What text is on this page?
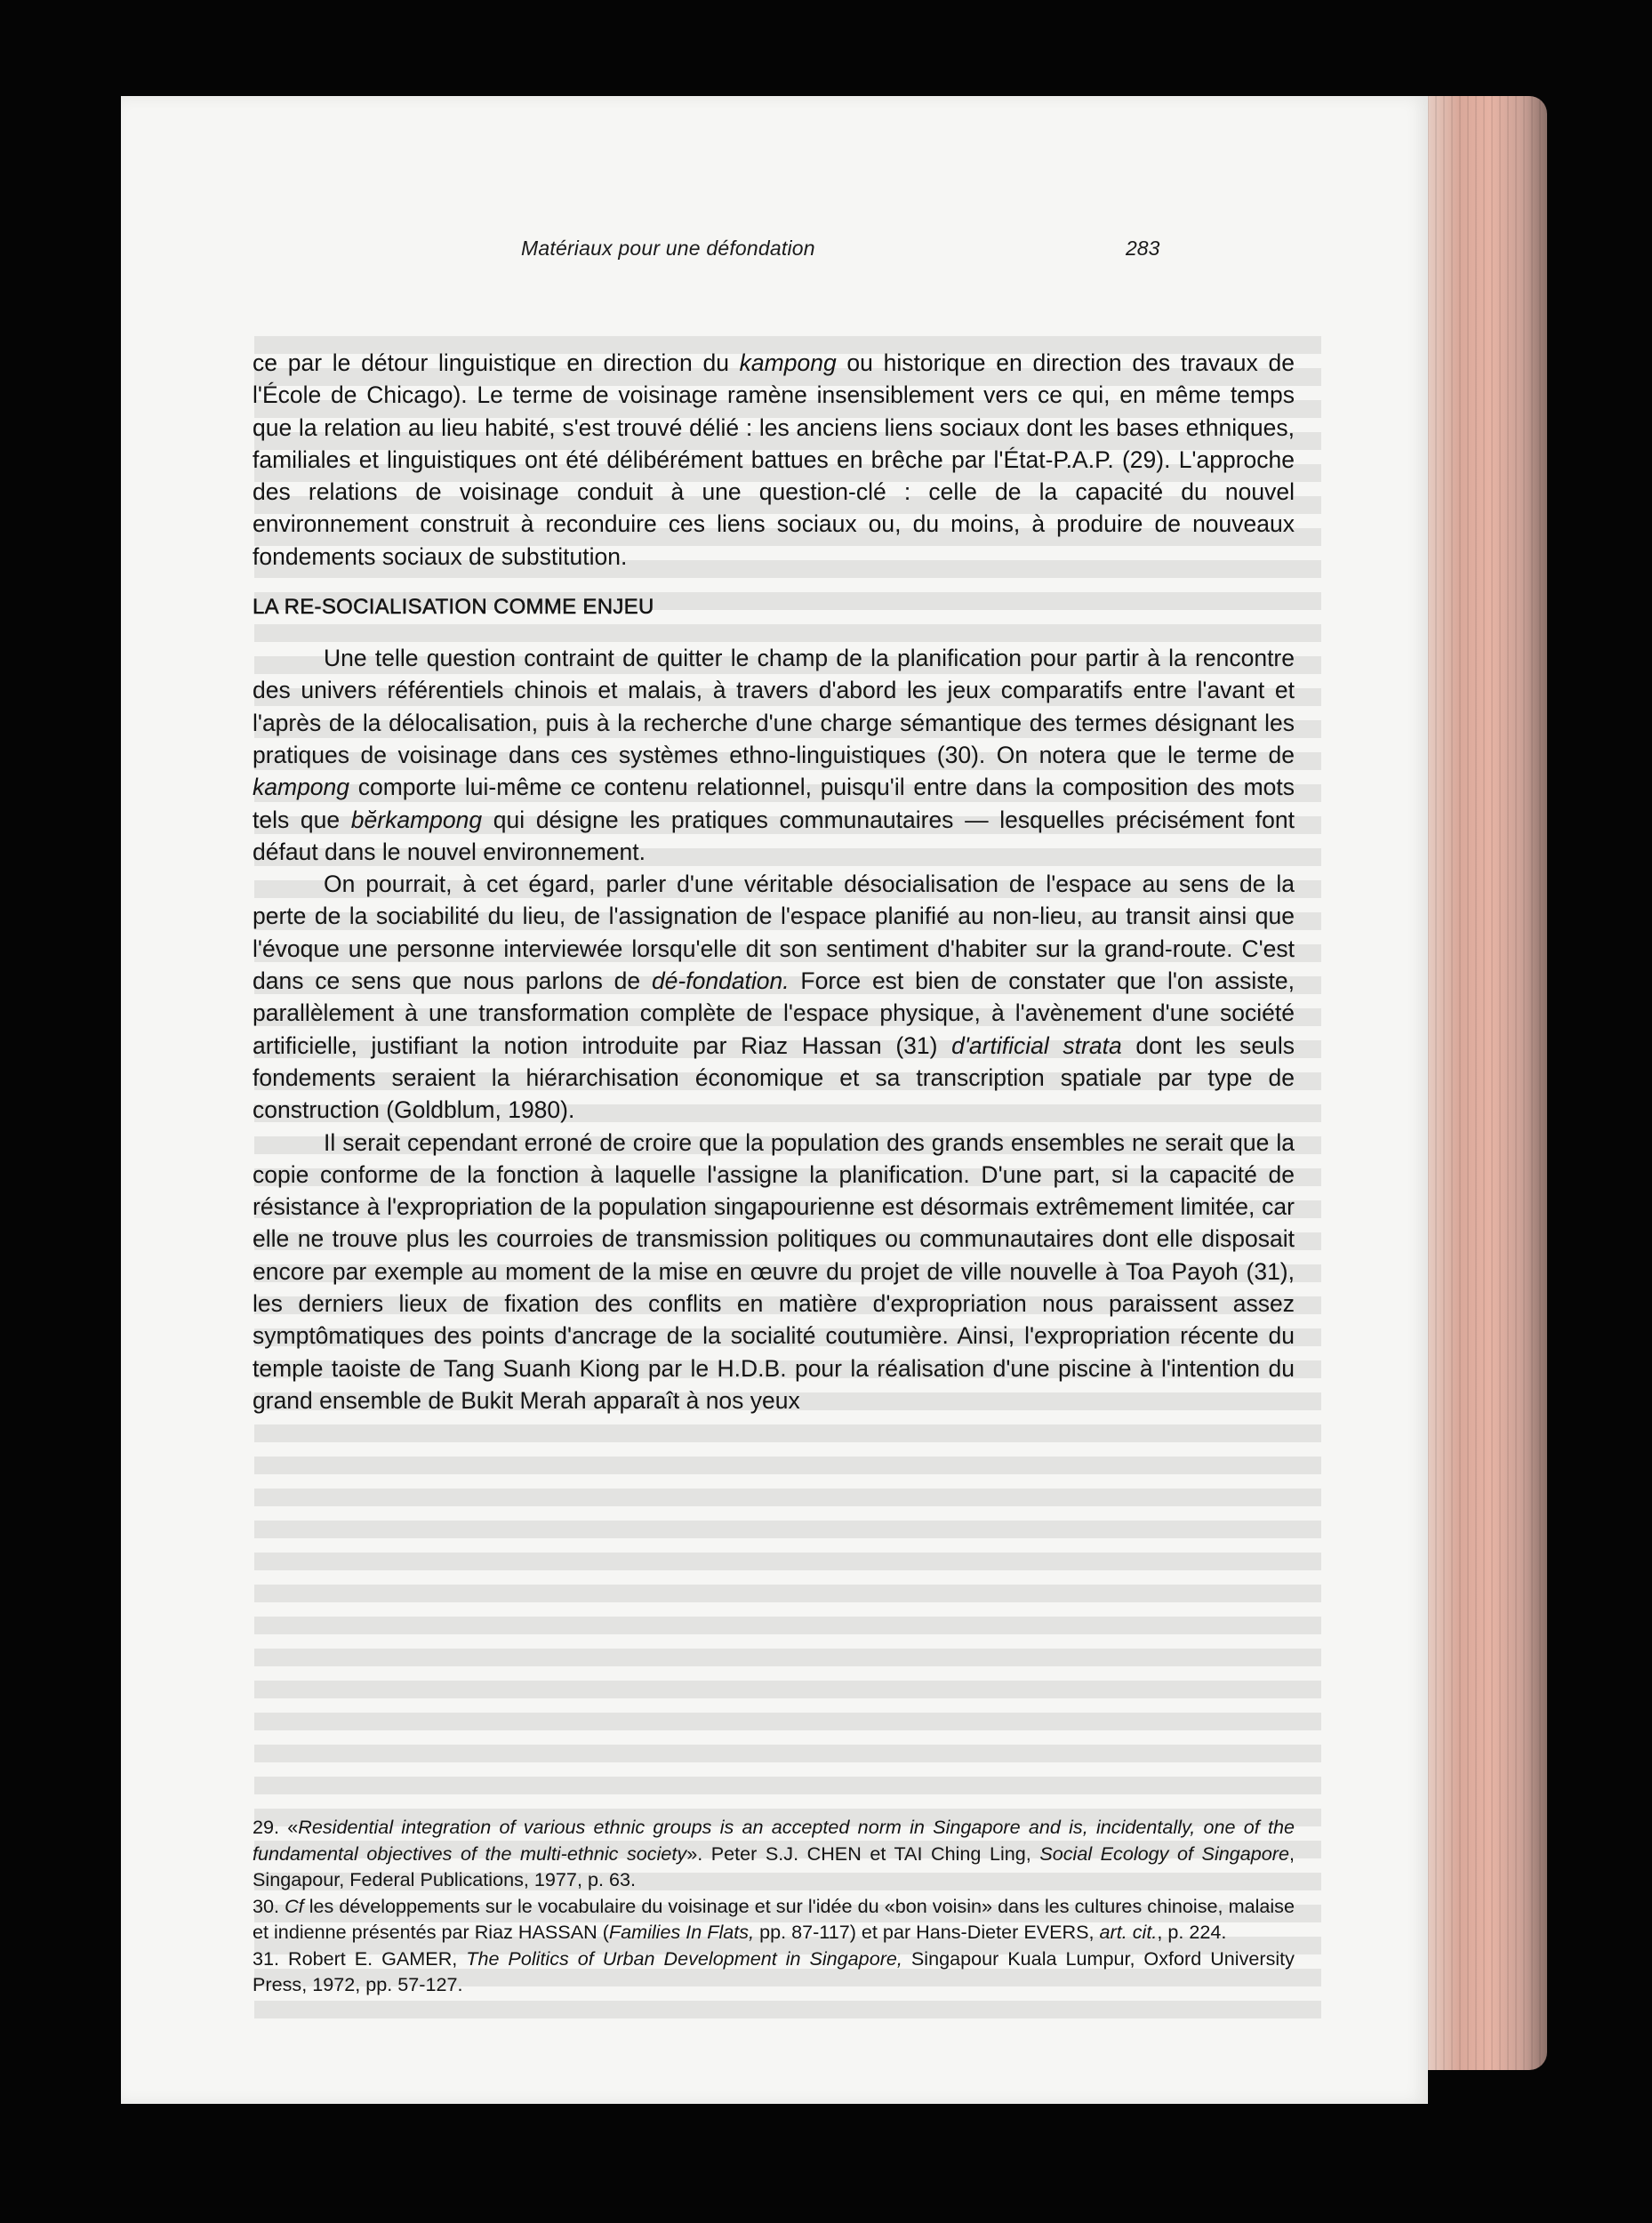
Matériaux pour une défondation	283

ce par le détour linguistique en direction du kampong ou historique en direction des travaux de l'École de Chicago). Le terme de voisinage ramène insensiblement vers ce qui, en même temps que la relation au lieu habité, s'est trouvé délié : les anciens liens sociaux dont les bases ethniques, familiales et linguistiques ont été délibérément battues en brêche par l'État-P.A.P. (29). L'approche des relations de voisinage conduit à une question-clé : celle de la capacité du nouvel environnement construit à reconduire ces liens sociaux ou, du moins, à produire de nouveaux fondements sociaux de substitution.

LA RE-SOCIALISATION COMME ENJEU

Une telle question contraint de quitter le champ de la planification pour partir à la rencontre des univers référentiels chinois et malais, à travers d'abord les jeux comparatifs entre l'avant et l'après de la délocalisation, puis à la recherche d'une charge sémantique des termes désignant les pratiques de voisinage dans ces systèmes ethno-linguistiques (30). On notera que le terme de kampong comporte lui-même ce contenu relationnel, puisqu'il entre dans la composition des mots tels que bĕrkampong qui désigne les pratiques communautaires — lesquelles précisément font défaut dans le nouvel environnement.

On pourrait, à cet égard, parler d'une véritable désocialisation de l'espace au sens de la perte de la sociabilité du lieu, de l'assignation de l'espace planifié au non-lieu, au transit ainsi que l'évoque une personne interviewée lorsqu'elle dit son sentiment d'habiter sur la grand-route. C'est dans ce sens que nous parlons de dé-fondation. Force est bien de constater que l'on assiste, parallèlement à une transformation complète de l'espace physique, à l'avènement d'une société artificielle, justifiant la notion introduite par Riaz Hassan (31) d'artificial strata dont les seuls fondements seraient la hiérarchisation économique et sa transcription spatiale par type de construction (Goldblum, 1980).

Il serait cependant erroné de croire que la population des grands ensembles ne serait que la copie conforme de la fonction à laquelle l'assigne la planification. D'une part, si la capacité de résistance à l'expropriation de la population singapourienne est désormais extrêmement limitée, car elle ne trouve plus les courroies de transmission politiques ou communautaires dont elle disposait encore par exemple au moment de la mise en œuvre du projet de ville nouvelle à Toa Payoh (31), les derniers lieux de fixation des conflits en matière d'expropriation nous paraissent assez symptômatiques des points d'ancrage de la socialité coutumière. Ainsi, l'expropriation récente du temple taoiste de Tang Suanh Kiong par le H.D.B. pour la réalisation d'une piscine à l'intention du grand ensemble de Bukit Merah apparaît à nos yeux

29. «Residential integration of various ethnic groups is an accepted norm in Singapore and is, incidentally, one of the fundamental objectives of the multi-ethnic society». Peter S.J. CHEN et TAI Ching Ling, Social Ecology of Singapore, Singapour, Federal Publications, 1977, p. 63.

30. Cf les développements sur le vocabulaire du voisinage et sur l'idée du «bon voisin» dans les cultures chinoise, malaise et indienne présentés par Riaz HASSAN (Families In Flats, pp. 87-117) et par Hans-Dieter EVERS, art. cit., p. 224.

31. Robert E. GAMER, The Politics of Urban Development in Singapore, Singapour Kuala Lumpur, Oxford University Press, 1972, pp. 57-127.
